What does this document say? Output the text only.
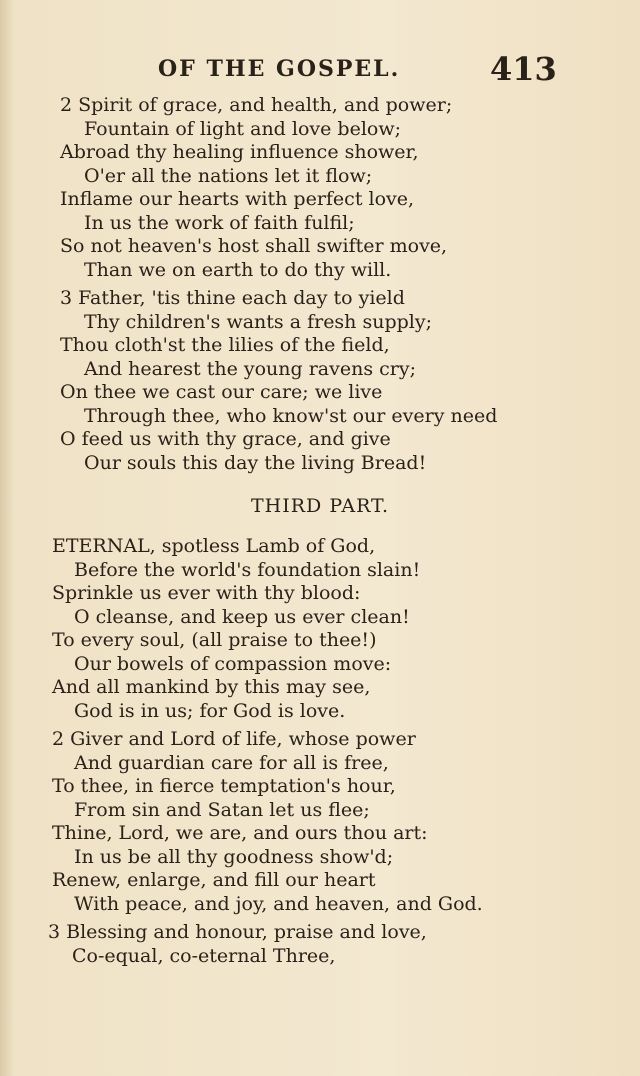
OF THE GOSPEL.	413
2 Spirit of grace, and health, and power;
Fountain of light and love below;
Abroad thy healing influence shower,
O'er all the nations let it flow;
Inflame our hearts with perfect love,
In us the work of faith fulfil;
So not heaven's host shall swifter move,
Than we on earth to do thy will.
3 Father, 'tis thine each day to yield
Thy children's wants a fresh supply;
Thou cloth'st the lilies of the field,
And hearest the young ravens cry;
On thee we cast our care; we live
Through thee, who know'st our every need
O feed us with thy grace, and give
Our souls this day the living Bread!
THIRD PART.
ETERNAL, spotless Lamb of God,
Before the world's foundation slain!
Sprinkle us ever with thy blood:
O cleanse, and keep us ever clean!
To every soul, (all praise to thee!)
Our bowels of compassion move:
And all mankind by this may see,
God is in us; for God is love.
2 Giver and Lord of life, whose power
And guardian care for all is free,
To thee, in fierce temptation's hour,
From sin and Satan let us flee;
Thine, Lord, we are, and ours thou art:
In us be all thy goodness show'd;
Renew, enlarge, and fill our heart
With peace, and joy, and heaven, and God.
3 Blessing and honour, praise and love,
Co-equal, co-eternal Three,
